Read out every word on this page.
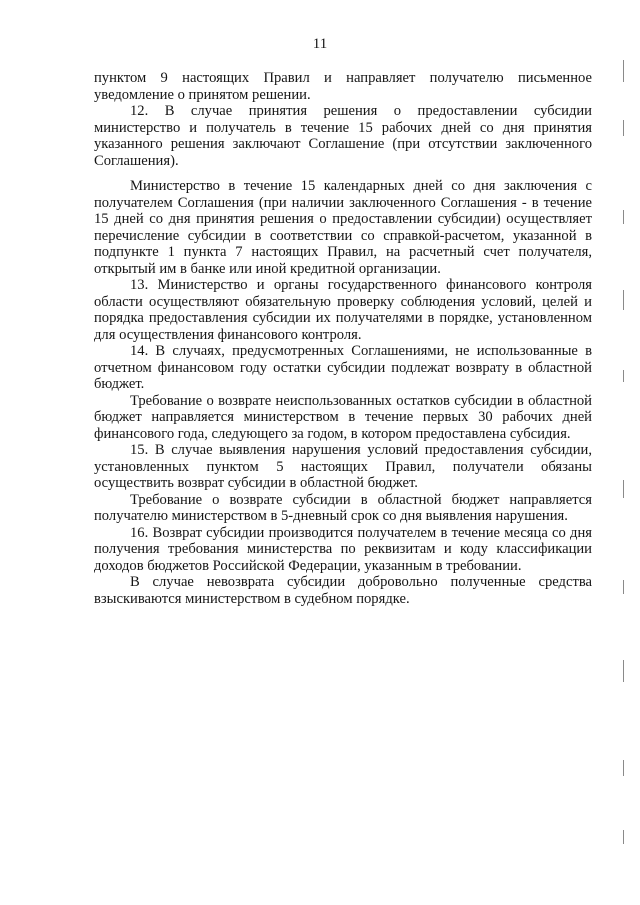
11

пунктом 9 настоящих Правил и направляет получателю письменное уведомление о принятом решении.

12. В случае принятия решения о предоставлении субсидии министерство и получатель в течение 15 рабочих дней со дня принятия указанного решения заключают Соглашение (при отсутствии заключенного Соглашения).

Министерство в течение 15 календарных дней со дня заключения с получателем Соглашения (при наличии заключенного Соглашения - в течение 15 дней со дня принятия решения о предоставлении субсидии) осуществляет перечисление субсидии в соответствии со справкой-расчетом, указанной в подпункте 1 пункта 7 настоящих Правил, на расчетный счет получателя, открытый им в банке или иной кредитной организации.

13. Министерство и органы государственного финансового контроля области осуществляют обязательную проверку соблюдения условий, целей и порядка предоставления субсидии их получателями в порядке, установленном для осуществления финансового контроля.

14. В случаях, предусмотренных Соглашениями, не использованные в отчетном финансовом году остатки субсидии подлежат возврату в областной бюджет.

Требование о возврате неиспользованных остатков субсидии в областной бюджет направляется министерством в течение первых 30 рабочих дней финансового года, следующего за годом, в котором предоставлена субсидия.

15. В случае выявления нарушения условий предоставления субсидии, установленных пунктом 5 настоящих Правил, получатели обязаны осуществить возврат субсидии в областной бюджет.

Требование о возврате субсидии в областной бюджет направляется получателю министерством в 5-дневный срок со дня выявления нарушения.

16. Возврат субсидии производится получателем в течение месяца со дня получения требования министерства по реквизитам и коду классификации доходов бюджетов Российской Федерации, указанным в требовании.

В случае невозврата субсидии добровольно полученные средства взыскиваются министерством в судебном порядке.
